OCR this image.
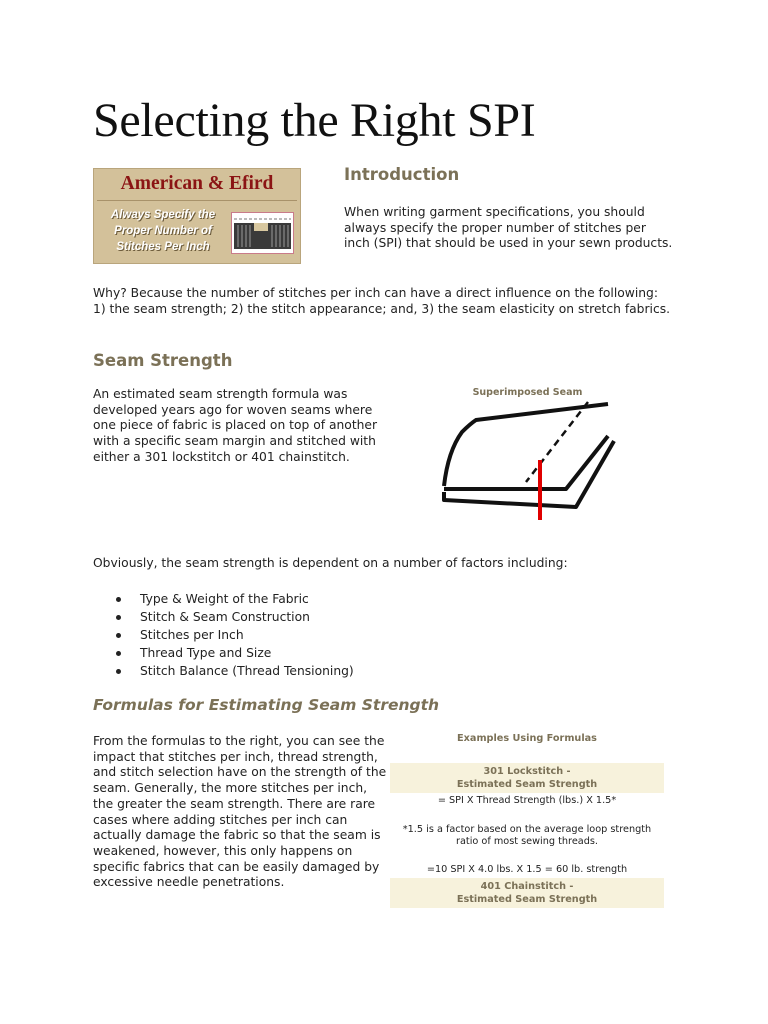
Selecting the Right SPI
American & Efird
Always Specify the Proper Number of Stitches Per Inch
Introduction

When writing garment specifications, you should always specify the proper number of stitches per inch (SPI) that should be used in your sewn products.

Why? Because the number of stitches per inch can have a direct influence on the following: 1) the seam strength; 2) the stitch appearance; and, 3) the seam elasticity on stretch fabrics.

Seam Strength

An estimated seam strength formula was developed years ago for woven seams where one piece of fabric is placed on top of another with a specific seam margin and stitched with either a 301 lockstitch or 401 chainstitch.

Superimposed Seam

Obviously, the seam strength is dependent on a number of factors including:

Type & Weight of the Fabric
Stitch & Seam Construction
Stitches per Inch
Thread Type and Size
Stitch Balance (Thread Tensioning)
Formulas for Estimating Seam Strength

From the formulas to the right, you can see the impact that stitches per inch, thread strength, and stitch selection have on the strength of the seam. Generally, the more stitches per inch, the greater the seam strength. There are rare cases where adding stitches per inch can actually damage the fabric so that the seam is weakened, however, this only happens on specific fabrics that can be easily damaged by excessive needle penetrations.

Examples Using Formulas
301 Lockstitch -
Estimated Seam Strength
= SPI X Thread Strength (lbs.) X 1.5*
*1.5 is a factor based on the average loop strength
ratio of most sewing threads.
=10 SPI X 4.0 lbs. X 1.5 = 60 lb. strength
401 Chainstitch -
Estimated Seam Strength
